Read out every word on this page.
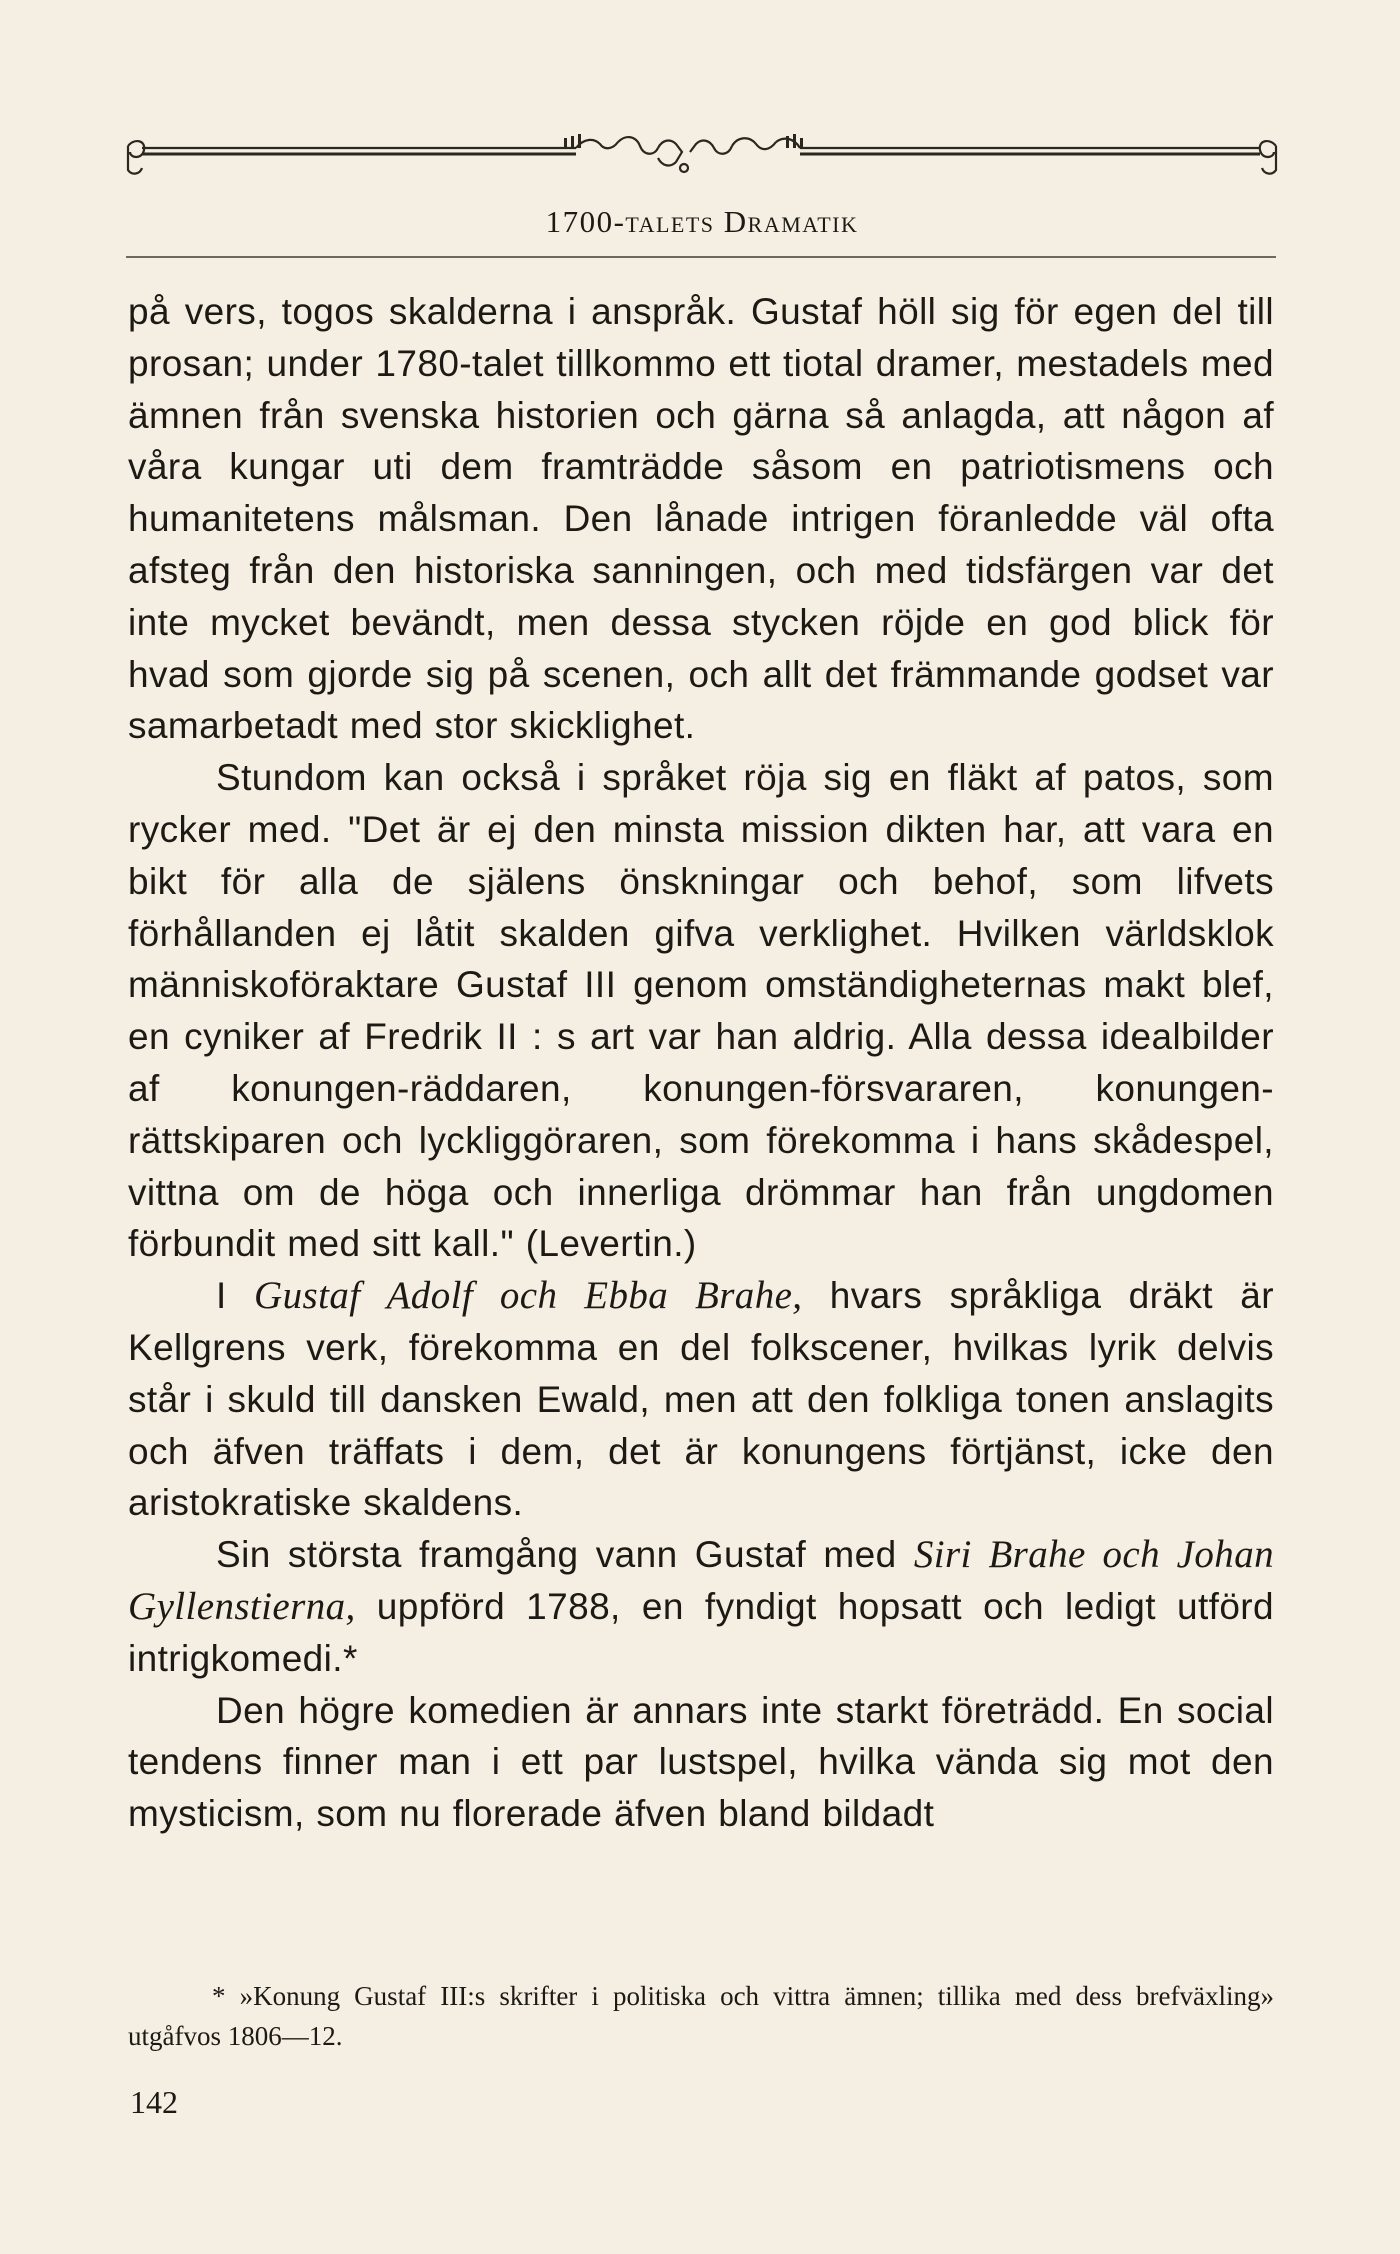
1700-talets Dramatik

på vers, togos skalderna i anspråk. Gustaf höll sig för egen del till prosan; under 1780-talet tillkommo ett tiotal dramer, mestadels med ämnen från svenska historien och gärna så anlagda, att någon af våra kungar uti dem framträdde såsom en patriotismens och humanitetens målsman. Den lånade intrigen föranledde väl ofta afsteg från den historiska sanningen, och med tidsfärgen var det inte mycket bevändt, men dessa stycken röjde en god blick för hvad som gjorde sig på scenen, och allt det främmande godset var samarbetadt med stor skicklighet.

Stundom kan också i språket röja sig en fläkt af patos, som rycker med. "Det är ej den minsta mission dikten har, att vara en bikt för alla de själens önskningar och behof, som lifvets förhållanden ej låtit skalden gifva verklighet. Hvilken världsklok människoföraktare Gustaf III genom omständigheternas makt blef, en cyniker af Fredrik II : s art var han aldrig. Alla dessa idealbilder af konungen-räddaren, konungen-försvararen, konungen-rättskiparen och lyckliggöraren, som förekomma i hans skådespel, vittna om de höga och innerliga drömmar han från ungdomen förbundit med sitt kall." (Levertin.)

I Gustaf Adolf och Ebba Brahe, hvars språkliga dräkt är Kellgrens verk, förekomma en del folkscener, hvilkas lyrik delvis står i skuld till dansken Ewald, men att den folkliga tonen anslagits och äfven träffats i dem, det är konungens förtjänst, icke den aristokratiske skaldens.

Sin största framgång vann Gustaf med Siri Brahe och Johan Gyllenstierna, uppförd 1788, en fyndigt hopsatt och ledigt utförd intrigkomedi.*

Den högre komedien är annars inte starkt företrädd. En social tendens finner man i ett par lustspel, hvilka vända sig mot den mysticism, som nu florerade äfven bland bildadt

* »Konung Gustaf III:s skrifter i politiska och vittra ämnen; tillika med dess brefväxling» utgåfvos 1806—12.
142
